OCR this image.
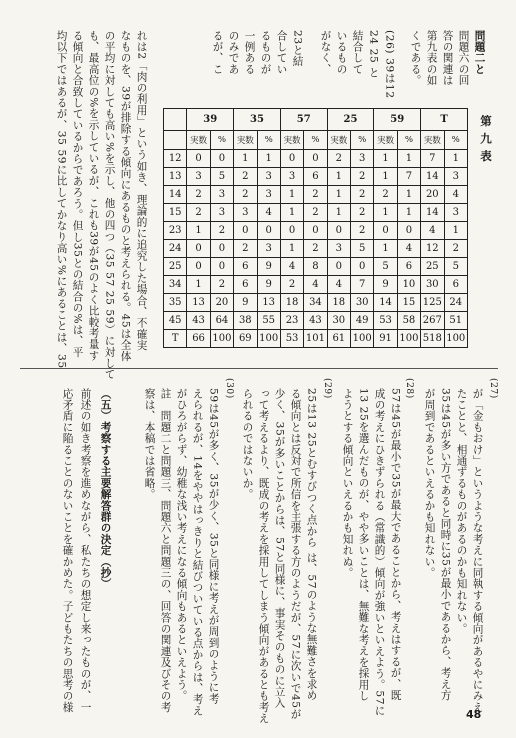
問題二と
問題六の回
答の関連は
第九表の如
くである。
(26) 39は12
24 25 と
結合して
いるもの
がなく、
23と結
合してい
るものが
一例ある
のみであ
るが、こ
れは2「肉の利用」という如き、理論的に追究した場合、不確実
なものを、39が排除する傾向にあるものと考えられる。45は全体
の平均に対しても高い%を示し、他の四つ（35 57 25 59）に対して
も、最高位の%を示しているが、これも39が45のよく比較考量す
る傾向と合致しているからであろう。但し35との結合の%は、平
均以下ではあるが、35 59に比してかなり高い%にあることは、35	第九表
	39		35		57		25		59		T	
	実数	%	実数	%	実数	%	実数	%	実数	%	実数	%
12	0	0	1	1	0	0	2	3	1	1	7	1
13	3	5	2	3	3	6	1	2	1	7	14	3
14	2	3	2	3	1	2	1	2	2	1	20	4
15	2	3	3	4	1	2	1	2	1	1	14	3
23	1	2	0	0	0	0	0	2	0	0	4	1
24	0	0	2	3	1	2	3	5	1	4	12	2
25	0	0	6	9	4	8	0	0	5	6	25	5
34	1	2	6	9	2	4	4	7	9	10	30	6
35	13	20	9	13	18	34	18	30	14	15	125	24
45	43	64	38	55	23	43	30	49	53	58	267	51
T	66	100	69	100	53	101	61	100	91	100	518	100
(27)
が「金もおけ」というような考えに同執する傾向があるやにみえ
たことと、相通ずるものがあるのかも知れない。
35は45が多い方であると同時に35が最小であるから、考え方
が周到であるといえるかも知れない。
(28)
57は45が最小で35が最大であることから、考えはするが、既
成の考えにひきずられる（常識的）傾向が強いといえよう。57に
13 25を選んだものが、やや多いことは、無難な考えを採用し
ようとする傾向といえるかも知れぬ。
(29)
25は13 25とむすびつく点から は、57のような無難さを求め
る傾向とは反対で所信を主張する方のようだが、57に次いで45が
少く、35が多いことからは、57と同様に、事実そのものに立入
って考えるより、既成の考えを採用してしまう傾向があるとも考え
られるのではないか。
(30)
59は45が多く、35が少く、35と同様に考えが周到のように考
えられるが、14をややはっきりと結びついている点からは、考え
がひろがらず、幼稚な浅い考えになる傾向もあるといえよう。
註　問題二と問題三、問題六と問題三の、回答の関連及びその考
察は、本稿では省略。
（五）考察する主要解答群の決定（抄）
前述の如き考察を進めながら、私たちの想定し来ったものが、一
応矛盾に陥ることのないことを確かめた。子どもたちの思考の様
48
